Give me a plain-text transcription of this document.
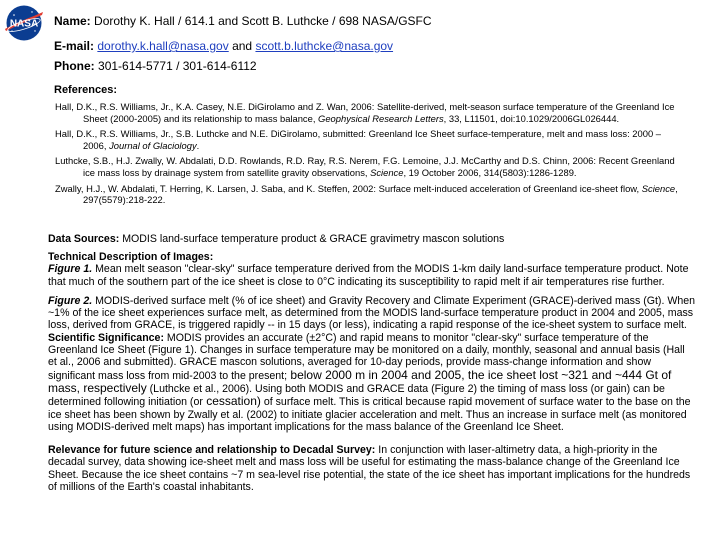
NASA Name: Dorothy K. Hall / 614.1 and Scott B. Luthcke / 698 NASA/GSFC
E-mail: dorothy.k.hall@nasa.gov and scott.b.luthcke@nasa.gov
Phone: 301-614-5771 / 301-614-6112
References:

Hall, D.K., R.S. Williams, Jr., K.A. Casey, N.E. DiGirolamo and Z. Wan, 2006: Satellite-derived, melt-season surface temperature of the Greenland Ice Sheet (2000-2005) and its relationship to mass balance, Geophysical Research Letters, 33, L11501, doi:10.1029/2006GL026444.

Hall, D.K., R.S. Williams, Jr., S.B. Luthcke and N.E. DiGirolamo, submitted: Greenland Ice Sheet surface-temperature, melt and mass loss: 2000 – 2006, Journal of Glaciology.

Luthcke, S.B., H.J. Zwally, W. Abdalati, D.D. Rowlands, R.D. Ray, R.S. Nerem, F.G. Lemoine, J.J. McCarthy and D.S. Chinn, 2006: Recent Greenland ice mass loss by drainage system from satellite gravity observations, Science, 19 October 2006, 314(5803):1286-1289.

Zwally, H.J., W. Abdalati, T. Herring, K. Larsen, J. Saba, and K. Steffen, 2002: Surface melt-induced acceleration of Greenland ice-sheet flow, Science, 297(5579):218-222.

Data Sources: MODIS land-surface temperature product & GRACE gravimetry mascon solutions
Technical Description of Images:
Figure 1. Mean melt season "clear-sky" surface temperature derived from the MODIS 1-km daily land-surface temperature product. Note that much of the southern part of the ice sheet is close to 0°C indicating its susceptibility to rapid melt if air temperatures rise further.
Figure 2. MODIS-derived surface melt (% of ice sheet) and Gravity Recovery and Climate Experiment (GRACE)-derived mass (Gt). When ~1% of the ice sheet experiences surface melt, as determined from the MODIS land-surface temperature product in 2004 and 2005, mass loss, derived from GRACE, is triggered rapidly -- in 15 days (or less), indicating a rapid response of the ice-sheet system to surface melt.
Scientific Significance: MODIS provides an accurate (±2°C) and rapid means to monitor "clear-sky" surface temperature of the Greenland Ice Sheet (Figure 1). Changes in surface temperature may be monitored on a daily, monthly, seasonal and annual basis (Hall et al., 2006 and submitted). GRACE mascon solutions, averaged for 10-day periods, provide mass-change information and show significant mass loss from mid-2003 to the present; below 2000 m in 2004 and 2005, the ice sheet lost ~321 and ~444 Gt of mass, respectively (Luthcke et al., 2006). Using both MODIS and GRACE data (Figure 2) the timing of mass loss (or gain) can be determined following initiation (or cessation) of surface melt. This is critical because rapid movement of surface water to the base on the ice sheet has been shown by Zwally et al. (2002) to initiate glacier acceleration and melt. Thus an increase in surface melt (as monitored using MODIS-derived melt maps) has important implications for the mass balance of the Greenland Ice Sheet.
Relevance for future science and relationship to Decadal Survey: In conjunction with laser-altimetry data, a high-priority in the decadal survey, data showing ice-sheet melt and mass loss will be useful for estimating the mass-balance change of the Greenland Ice Sheet. Because the ice sheet contains ~7 m sea-level rise potential, the state of the ice sheet has important implications for the hundreds of millions of the Earth's coastal inhabitants.
